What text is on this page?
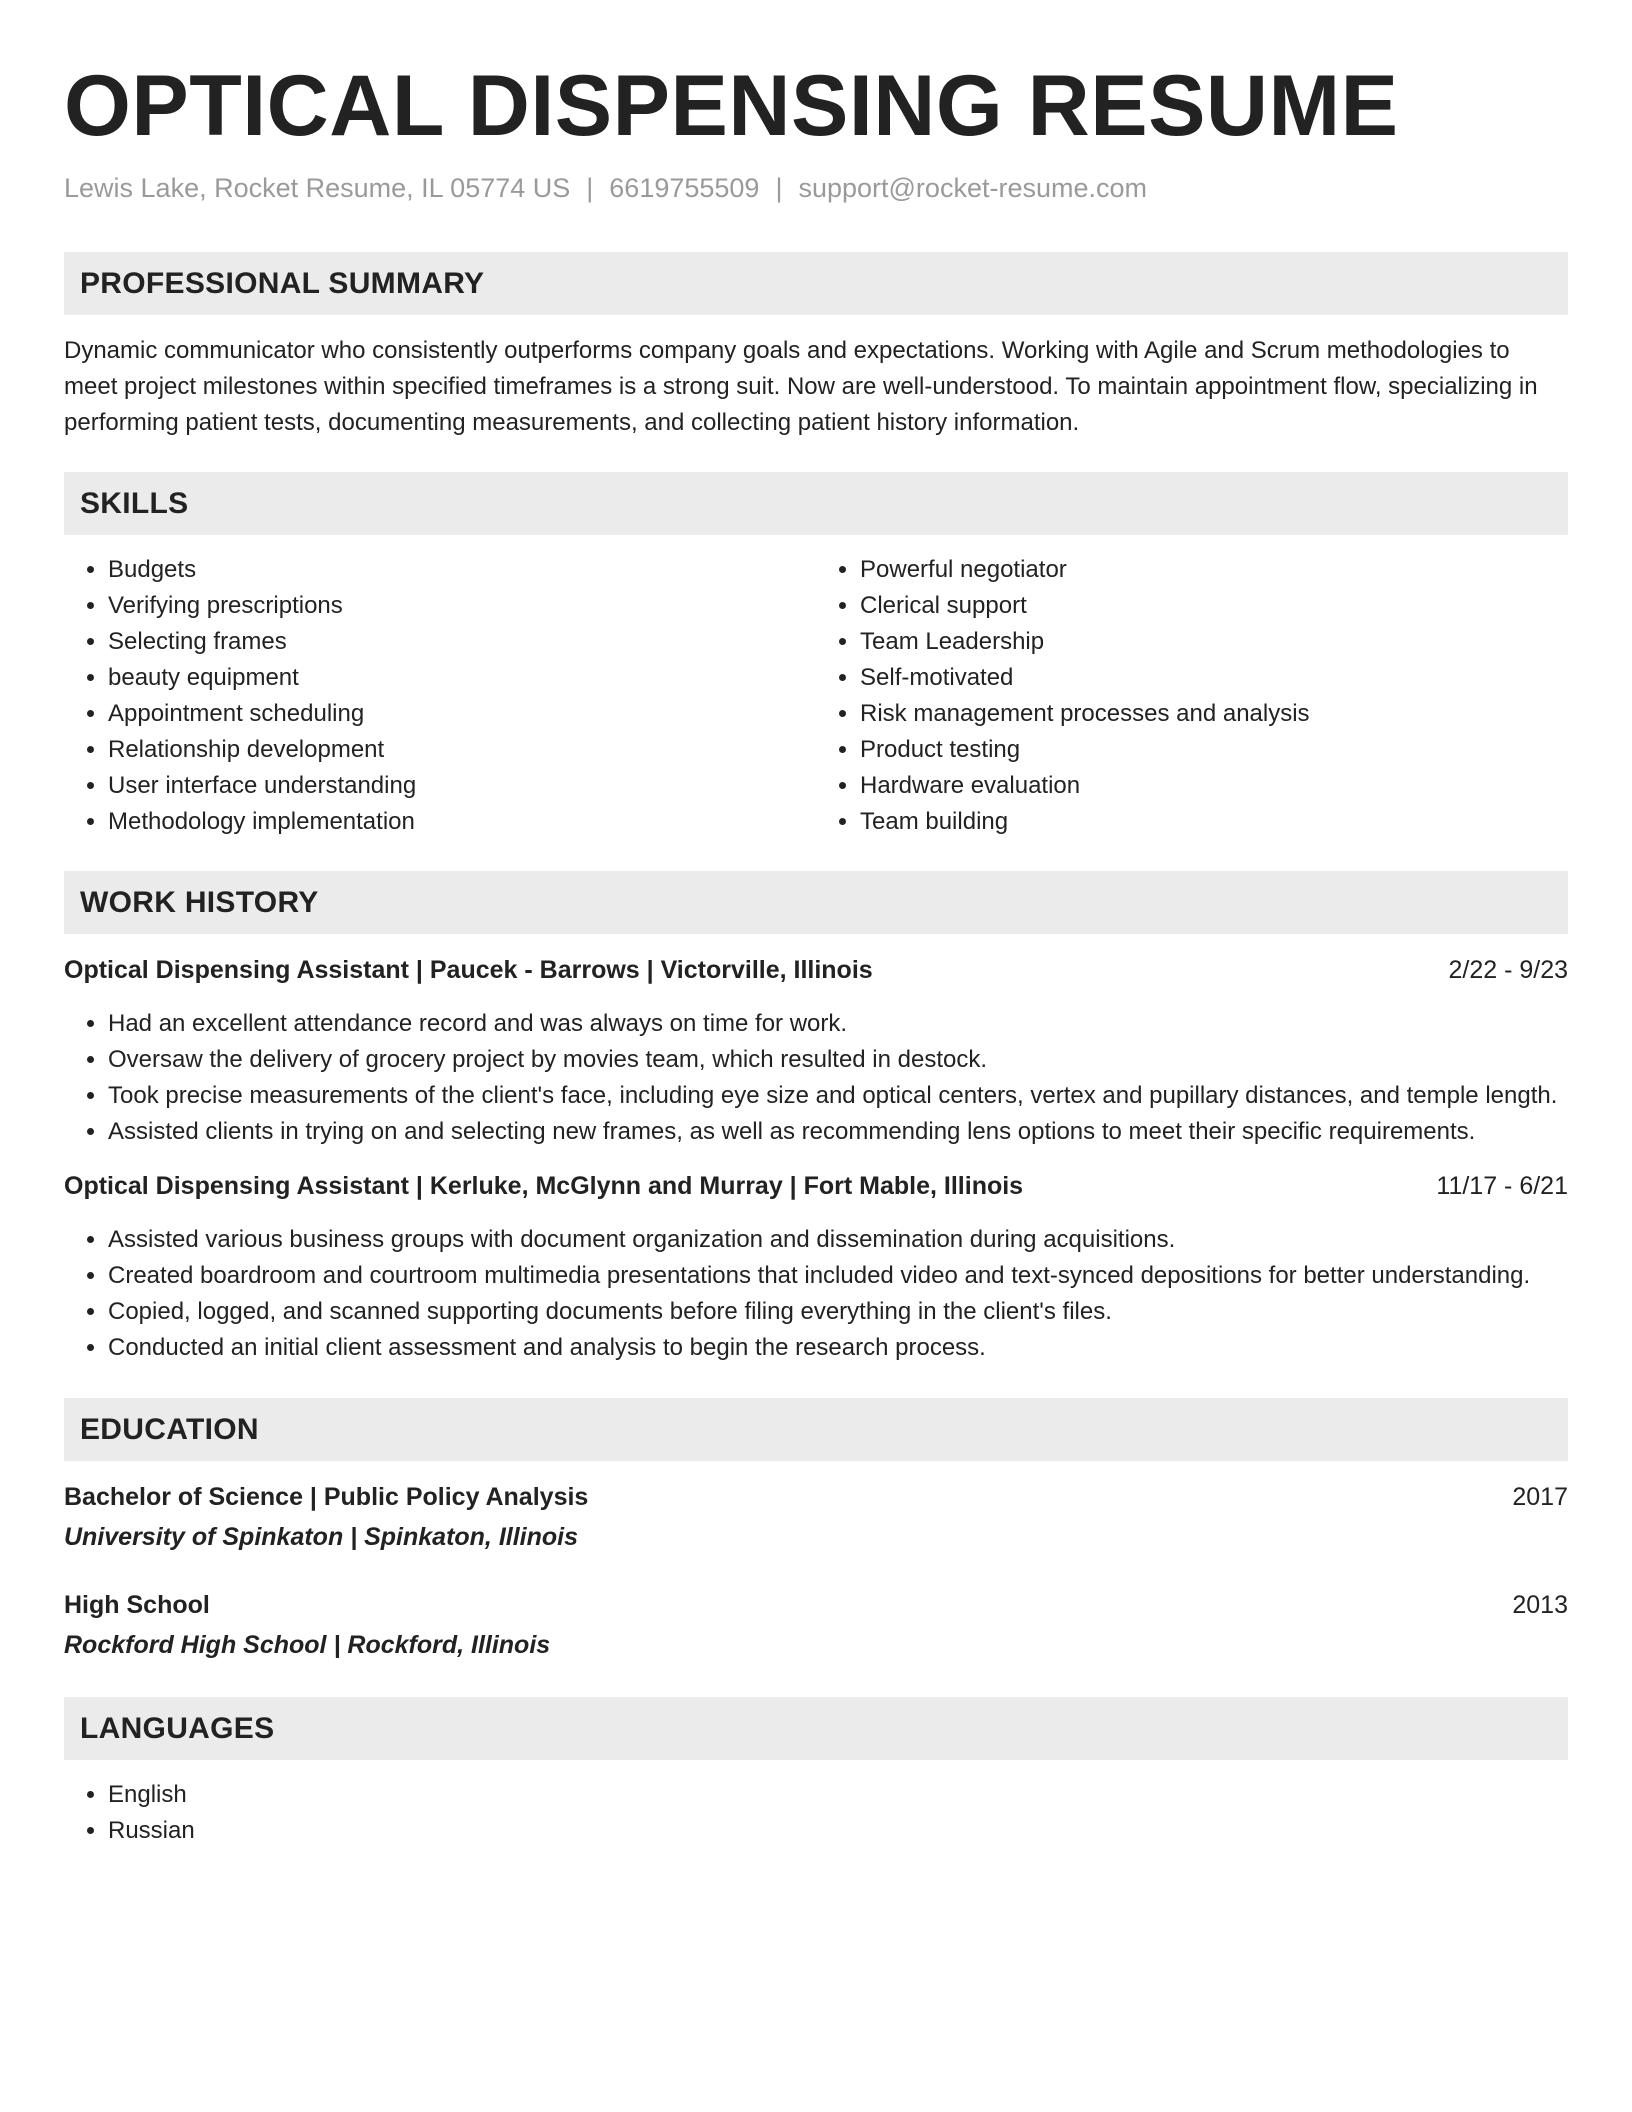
OPTICAL DISPENSING RESUME
Lewis Lake, Rocket Resume, IL 05774 US | 6619755509 | support@rocket-resume.com
PROFESSIONAL SUMMARY
Dynamic communicator who consistently outperforms company goals and expectations. Working with Agile and Scrum methodologies to meet project milestones within specified timeframes is a strong suit. Now are well-understood. To maintain appointment flow, specializing in performing patient tests, documenting measurements, and collecting patient history information.
SKILLS
• Budgets
• Verifying prescriptions
• Selecting frames
• beauty equipment
• Appointment scheduling
• Relationship development
• User interface understanding
• Methodology implementation
• Powerful negotiator
• Clerical support
• Team Leadership
• Self-motivated
• Risk management processes and analysis
• Product testing
• Hardware evaluation
• Team building
WORK HISTORY
Optical Dispensing Assistant | Paucek - Barrows | Victorville, Illinois	2/22 - 9/23
• Had an excellent attendance record and was always on time for work.
• Oversaw the delivery of grocery project by movies team, which resulted in destock.
• Took precise measurements of the client's face, including eye size and optical centers, vertex and pupillary distances, and temple length.
• Assisted clients in trying on and selecting new frames, as well as recommending lens options to meet their specific requirements.
Optical Dispensing Assistant | Kerluke, McGlynn and Murray | Fort Mable, Illinois	11/17 - 6/21
• Assisted various business groups with document organization and dissemination during acquisitions.
• Created boardroom and courtroom multimedia presentations that included video and text-synced depositions for better understanding.
• Copied, logged, and scanned supporting documents before filing everything in the client's files.
• Conducted an initial client assessment and analysis to begin the research process.
EDUCATION
Bachelor of Science | Public Policy Analysis	2017
University of Spinkaton | Spinkaton, Illinois
High School	2013
Rockford High School | Rockford, Illinois
LANGUAGES
• English
• Russian
